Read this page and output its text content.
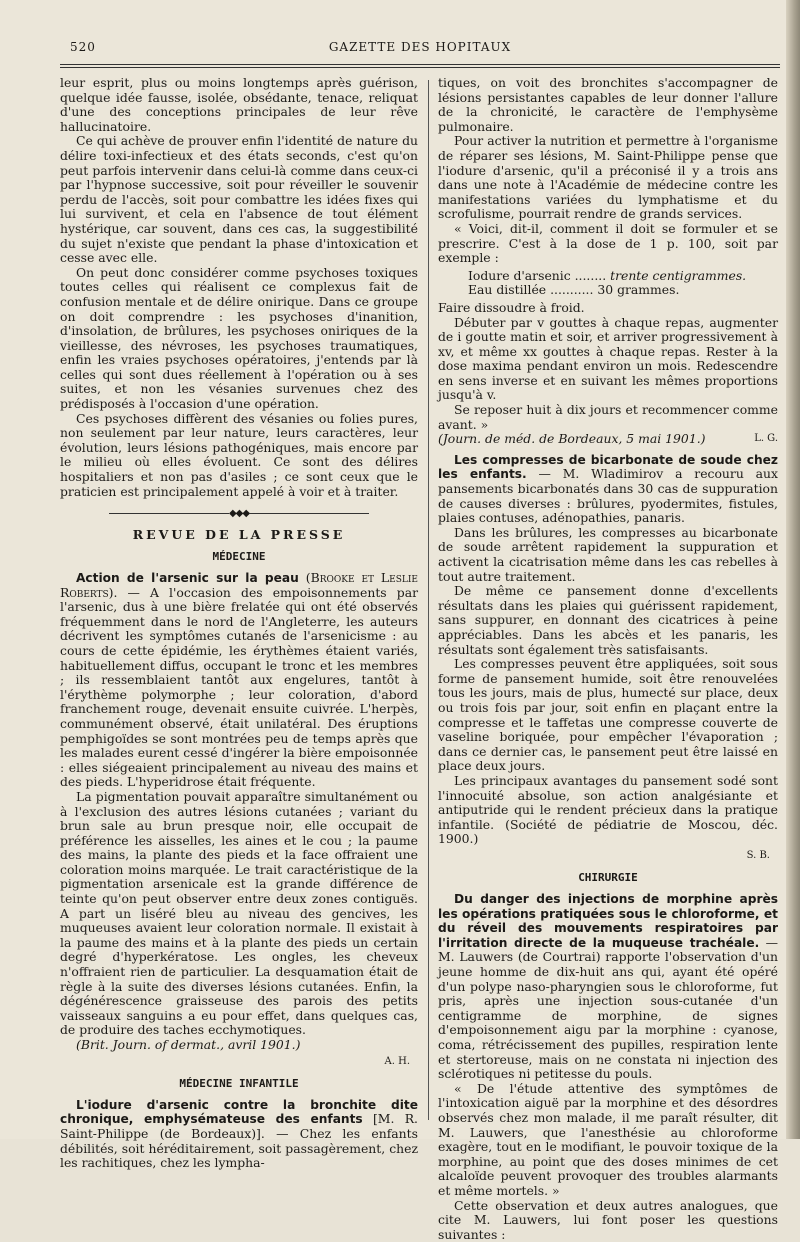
520	GAZETTE DES HOPITAUX

leur esprit, plus ou moins longtemps après guérison, quelque idée fausse, isolée, obsédante, tenace, reliquat d'une des conceptions principales de leur rêve hallucinatoire.

Ce qui achève de prouver enfin l'identité de nature du délire toxi-infectieux et des états seconds, c'est qu'on peut parfois intervenir dans celui-là comme dans ceux-ci par l'hypnose successive, soit pour réveiller le souvenir perdu de l'accès, soit pour combattre les idées fixes qui lui survivent, et cela en l'absence de tout élément hystérique, car souvent, dans ces cas, la suggestibilité du sujet n'existe que pendant la phase d'intoxication et cesse avec elle.

On peut donc considérer comme psychoses toxiques toutes celles qui réalisent ce complexus fait de confusion mentale et de délire onirique. Dans ce groupe on doit comprendre : les psychoses d'inanition, d'insolation, de brûlures, les psychoses oniriques de la vieillesse, des névroses, les psychoses traumatiques, enfin les vraies psychoses opératoires, j'entends par là celles qui sont dues réellement à l'opération ou à ses suites, et non les vésanies survenues chez des prédisposés à l'occasion d'une opération.

Ces psychoses diffèrent des vésanies ou folies pures, non seulement par leur nature, leurs caractères, leur évolution, leurs lésions pathogéniques, mais encore par le milieu où elles évoluent. Ce sont des délires hospitaliers et non pas d'asiles ; ce sont ceux que le praticien est principalement appelé à voir et à traiter.

◆◆◆
REVUE DE LA PRESSE
MÉDECINE

Action de l'arsenic sur la peau (Brooke et Leslie Roberts). — A l'occasion des empoisonnements par l'arsenic, dus à une bière frelatée qui ont été observés fréquemment dans le nord de l'Angleterre, les auteurs décrivent les symptômes cutanés de l'arsenicisme : au cours de cette épidémie, les érythèmes étaient variés, habituellement diffus, occupant le tronc et les membres ; ils ressemblaient tantôt aux engelures, tantôt à l'érythème polymorphe ; leur coloration, d'abord franchement rouge, devenait ensuite cuivrée. L'herpès, communément observé, était unilatéral. Des éruptions pemphigoïdes se sont montrées peu de temps après que les malades eurent cessé d'ingérer la bière empoisonnée : elles siégeaient principalement au niveau des mains et des pieds. L'hyperidrose était fréquente.

La pigmentation pouvait apparaître simultanément ou à l'exclusion des autres lésions cutanées ; variant du brun sale au brun presque noir, elle occupait de préférence les aisselles, les aines et le cou ; la paume des mains, la plante des pieds et la face offraient une coloration moins marquée. Le trait caractéristique de la pigmentation arsenicale est la grande différence de teinte qu'on peut observer entre deux zones contiguës. A part un liséré bleu au niveau des gencives, les muqueuses avaient leur coloration normale. Il existait à la paume des mains et à la plante des pieds un certain degré d'hyperkératose. Les ongles, les cheveux n'offraient rien de particulier. La desquamation était de règle à la suite des diverses lésions cutanées. Enfin, la dégénérescence graisseuse des parois des petits vaisseaux sanguins a eu pour effet, dans quelques cas, de produire des taches ecchymotiques.

(Brit. Journ. of dermat., avril 1901.)

A. H.
MÉDECINE INFANTILE

L'iodure d'arsenic contre la bronchite dite chronique, emphysémateuse des enfants [M. R. Saint-Philippe (de Bordeaux)]. — Chez les enfants débilités, soit héréditairement, soit passagèrement, chez les rachitiques, chez les lympha-

tiques, on voit des bronchites s'accompagner de lésions persistantes capables de leur donner l'allure de la chronicité, le caractère de l'emphysème pulmonaire.

Pour activer la nutrition et permettre à l'organisme de réparer ses lésions, M. Saint-Philippe pense que l'iodure d'arsenic, qu'il a préconisé il y a trois ans dans une note à l'Académie de médecine contre les manifestations variées du lymphatisme et du scrofulisme, pourrait rendre de grands services.

« Voici, dit-il, comment il doit se formuler et se prescrire. C'est à la dose de 1 p. 100, soit par exemple :

Iodure d'arsenic ........ trente centigrammes.
Eau distillée ........... 30 grammes.

Faire dissoudre à froid.

Débuter par v gouttes à chaque repas, augmenter de i goutte matin et soir, et arriver progressivement à xv, et même xx gouttes à chaque repas. Rester à la dose maxima pendant environ un mois. Redescendre en sens inverse et en suivant les mêmes proportions jusqu'à v.

Se reposer huit à dix jours et recommencer comme avant. »

(Journ. de méd. de Bordeaux, 5 mai 1901.)	L. G.

Les compresses de bicarbonate de soude chez les enfants. — M. Wladimirov a recouru aux pansements bicarbonatés dans 30 cas de suppuration de causes diverses : brûlures, pyodermites, fistules, plaies contuses, adénopathies, panaris.

Dans les brûlures, les compresses au bicarbonate de soude arrêtent rapidement la suppuration et activent la cicatrisation même dans les cas rebelles à tout autre traitement.

De même ce pansement donne d'excellents résultats dans les plaies qui guérissent rapidement, sans suppurer, en donnant des cicatrices à peine appréciables. Dans les abcès et les panaris, les résultats sont également très satisfaisants.

Les compresses peuvent être appliquées, soit sous forme de pansement humide, soit être renouvelées tous les jours, mais de plus, humecté sur place, deux ou trois fois par jour, soit enfin en plaçant entre la compresse et le taffetas une compresse couverte de vaseline boriquée, pour empêcher l'évaporation ; dans ce dernier cas, le pansement peut être laissé en place deux jours.

Les principaux avantages du pansement sodé sont l'innocuité absolue, son action analgésiante et antiputride qui le rendent précieux dans la pratique infantile. (Société de pédiatrie de Moscou, déc. 1900.)

S. B.
CHIRURGIE

Du danger des injections de morphine après les opérations pratiquées sous le chloroforme, et du réveil des mouvements respiratoires par l'irritation directe de la muqueuse trachéale. — M. Lauwers (de Courtrai) rapporte l'observation d'un jeune homme de dix-huit ans qui, ayant été opéré d'un polype naso-pharyngien sous le chloroforme, fut pris, après une injection sous-cutanée d'un centigramme de morphine, de signes d'empoisonnement aigu par la morphine : cyanose, coma, rétrécissement des pupilles, respiration lente et stertoreuse, mais on ne constata ni injection des sclérotiques ni petitesse du pouls.

« De l'étude attentive des symptômes de l'intoxication aiguë par la morphine et des désordres observés chez mon malade, il me paraît résulter, dit M. Lauwers, que l'anesthésie au chloroforme exagère, tout en le modifiant, le pouvoir toxique de la morphine, au point que des doses minimes de cet alcaloïde peuvent provoquer des troubles alarmants et même mortels. »

Cette observation et deux autres analogues, que cite M. Lauwers, lui font poser les questions suivantes :
